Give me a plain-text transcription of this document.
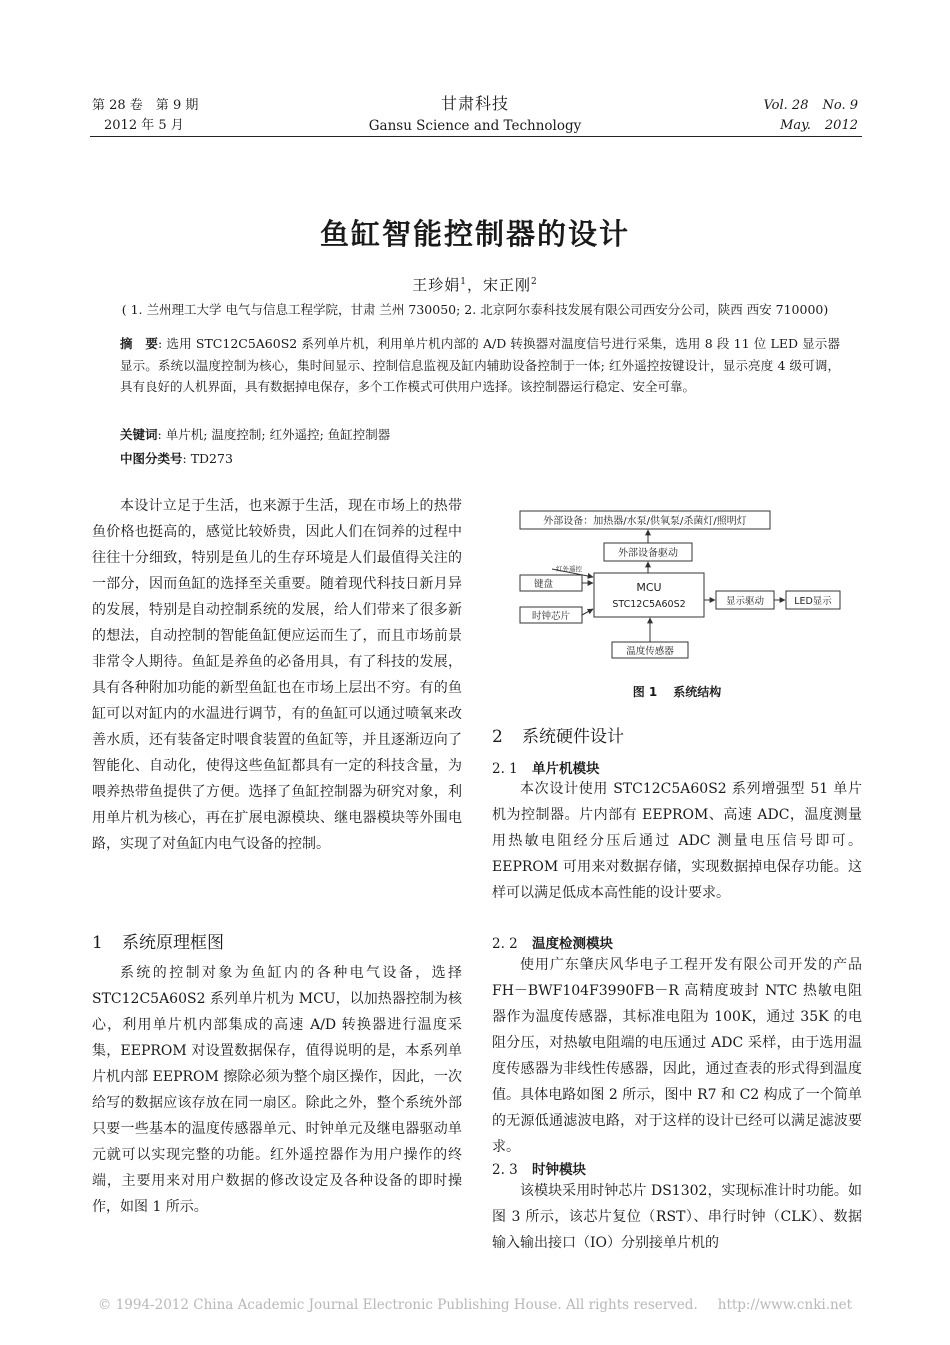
第 28 卷　第 9 期
2012 年 5 月
甘肃科技
Gansu Science and Technology
Vol. 28 No. 9
May. 2012
鱼缸智能控制器的设计
王珍娟$^1$，宋正刚$^2$
( 1. 兰州理工大学 电气与信息工程学院，甘肃 兰州 730050; 2. 北京阿尔泰科技发展有限公司西安分公司，陕西 西安 710000)

摘　要: 选用 STC12C5A60S2 系列单片机，利用单片机内部的 A/D 转换器对温度信号进行采集，选用 8 段 11 位 LED 显示器显示。系统以温度控制为核心，集时间显示、控制信息监视及缸内辅助设备控制于一体; 红外遥控按键设计，显示亮度 4 级可调，具有良好的人机界面，具有数据掉电保存，多个工作模式可供用户选择。该控制器运行稳定、安全可靠。

关键词: 单片机; 温度控制; 红外遥控; 鱼缸控制器
中图分类号: TD273

本设计立足于生活，也来源于生活，现在市场上的热带鱼价格也挺高的，感觉比较娇贵，因此人们在饲养的过程中往往十分细致，特别是鱼儿的生存环境是人们最值得关注的一部分，因而鱼缸的选择至关重要。随着现代科技日新月异的发展，特别是自动控制系统的发展，给人们带来了很多新的想法，自动控制的智能鱼缸便应运而生了，而且市场前景非常令人期待。鱼缸是养鱼的必备用具，有了科技的发展，具有各种附加功能的新型鱼缸也在市场上层出不穷。有的鱼缸可以对缸内的水温进行调节，有的鱼缸可以通过喷氧来改善水质，还有装备定时喂食装置的鱼缸等，并且逐渐迈向了智能化、自动化，使得这些鱼缸都具有一定的科技含量，为喂养热带鱼提供了方便。选择了鱼缸控制器为研究对象，利用单片机为核心，再在扩展电源模块、继电器模块等外围电路，实现了对鱼缸内电气设备的控制。

1 系统原理框图

系统的控制对象为鱼缸内的各种电气设备，选择 STC12C5A60S2 系列单片机为 MCU，以加热器控制为核心，利用单片机内部集成的高速 A/D 转换器进行温度采集，EEPROM 对设置数据保存，值得说明的是，本系列单片机内部 EEPROM 擦除必须为整个扇区操作，因此，一次给写的数据应该存放在同一扇区。除此之外，整个系统外部只要一些基本的温度传感器单元、时钟单元及继电器驱动单元就可以实现完整的功能。红外遥控器作为用户操作的终端，主要用来对用户数据的修改设定及各种设备的即时操作，如图 1 所示。

外部设备：加热器/水泵/供氧泵/杀菌灯/照明灯
外部设备驱动
MCU
STC12C5A60S2
键盘
红外遥控
时钟芯片
显示驱动	LED显示
温度传感器
图 1 系统结构
2 系统硬件设计
2. 1 单片机模块

本次设计使用 STC12C5A60S2 系列增强型 51 单片机为控制器。片内部有 EEPROM、高速 ADC，温度测量用热敏电阻经分压后通过 ADC 测量电压信号即可。EEPROM 可用来对数据存储，实现数据掉电保存功能。这样可以满足低成本高性能的设计要求。

2. 2 温度检测模块

使用广东肇庆风华电子工程开发有限公司开发的产品 FH－BWF104F3990FB－R 高精度玻封 NTC 热敏电阻器作为温度传感器，其标准电阻为 100K，通过 35K 的电阻分压，对热敏电阻端的电压通过 ADC 采样，由于选用温度传感器为非线性传感器，因此，通过查表的形式得到温度值。具体电路如图 2 所示，图中 R7 和 C2 构成了一个简单的无源低通滤波电路，对于这样的设计已经可以满足滤波要求。

2. 3 时钟模块

该模块采用时钟芯片 DS1302，实现标准计时功能。如图 3 所示，该芯片复位（RST）、串行时钟（CLK）、数据输入输出接口（IO）分别接单片机的

© 1994-2012 China Academic Journal Electronic Publishing House. All rights reserved. http://www.cnki.net
